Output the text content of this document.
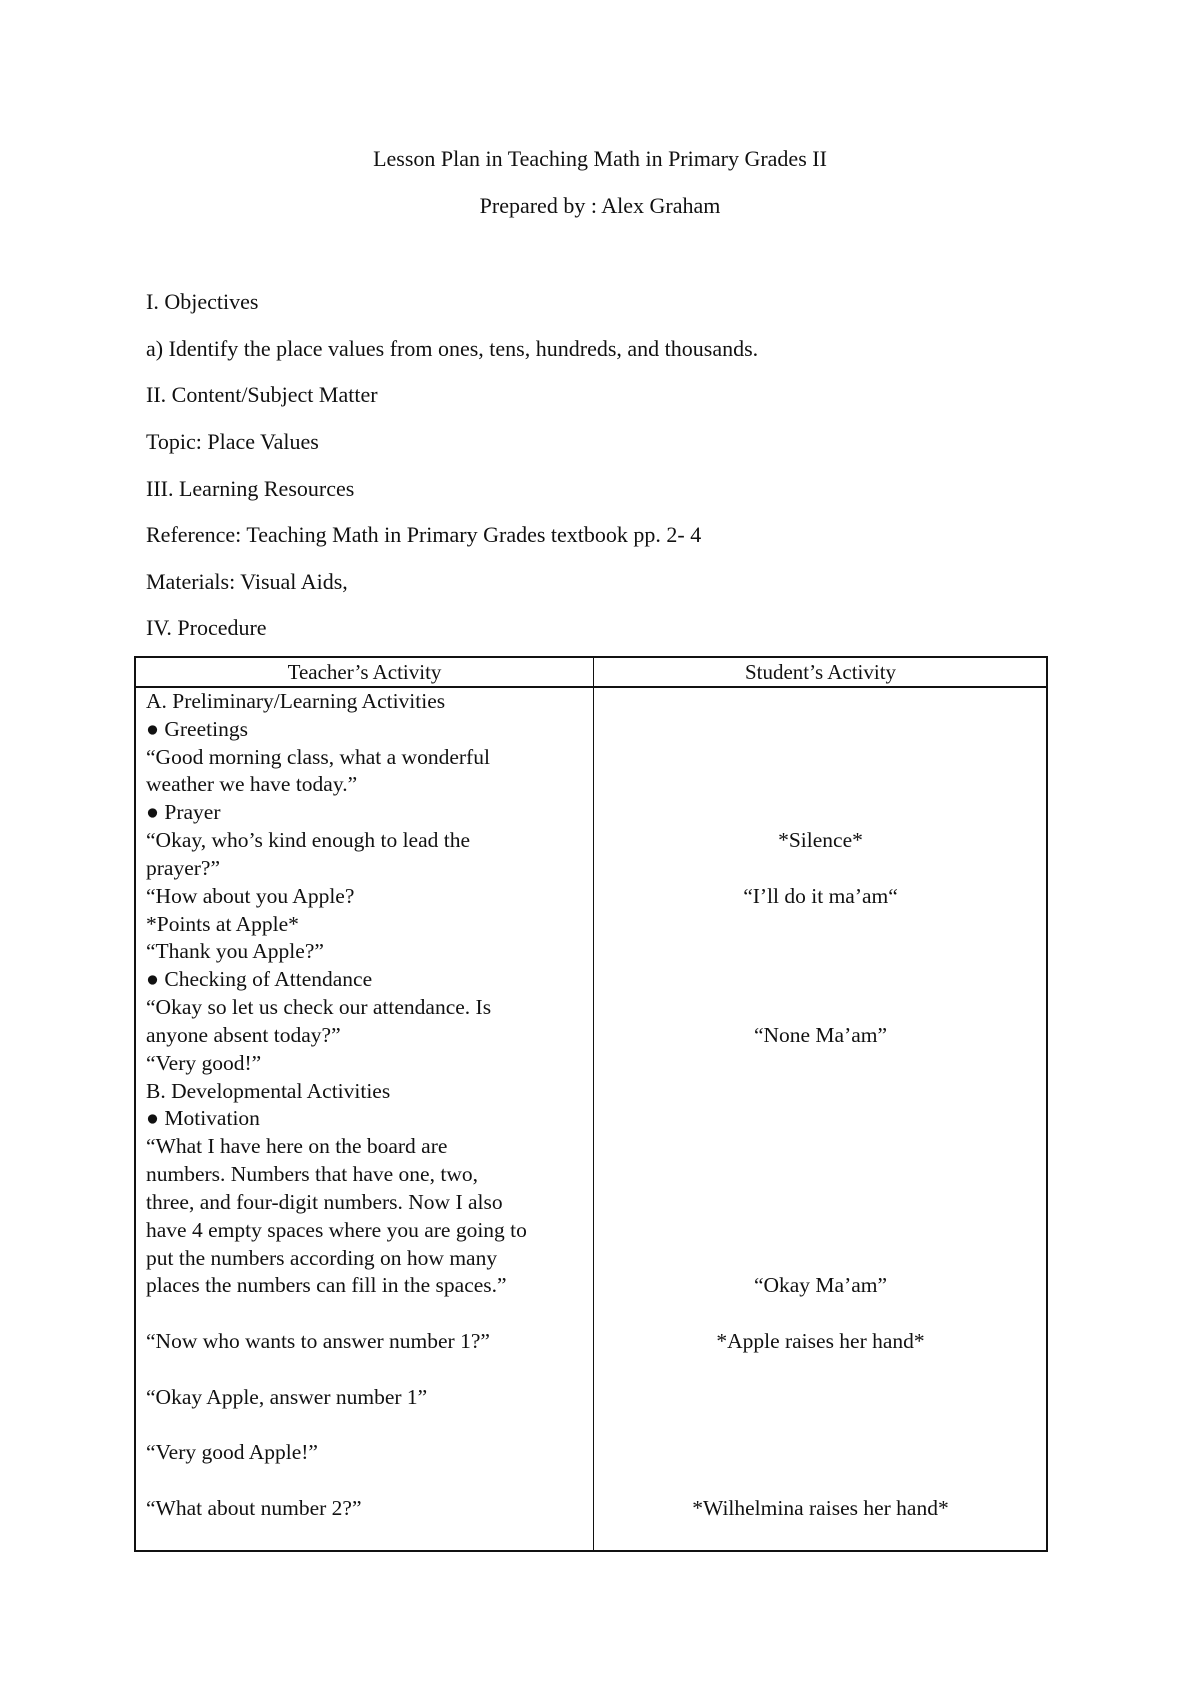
Lesson Plan in Teaching Math in Primary Grades II

Prepared by : Alex Graham

I. Objectives

a) Identify the place values from ones, tens, hundreds, and thousands.

II. Content/Subject Matter

Topic: Place Values

III. Learning Resources

Reference: Teaching Math in Primary Grades textbook pp. 2- 4

Materials: Visual Aids,

IV. Procedure

Teacher’s Activity	Student’s Activity

A. Preliminary/Learning Activities

● Greetings

“Good morning class, what a wonderful

weather we have today.”

● Prayer

“Okay, who’s kind enough to lead the

prayer?”

“How about you Apple?

*Points at Apple*

“Thank you Apple?”

● Checking of Attendance

“Okay so let us check our attendance. Is

anyone absent today?”

“Very good!”

B. Developmental Activities

● Motivation

“What I have here on the board are

numbers. Numbers that have one, two,

three, and four-digit numbers. Now I also

have 4 empty spaces where you are going to

put the numbers according on how many

places the numbers can fill in the spaces.”

“Now who wants to answer number 1?”

“Okay Apple, answer number 1”

“Very good Apple!”

“What about number 2?”

*Silence*

“I’ll do it ma’am“

“None Ma’am”

“Okay Ma’am”

*Apple raises her hand*

*Wilhelmina raises her hand*
